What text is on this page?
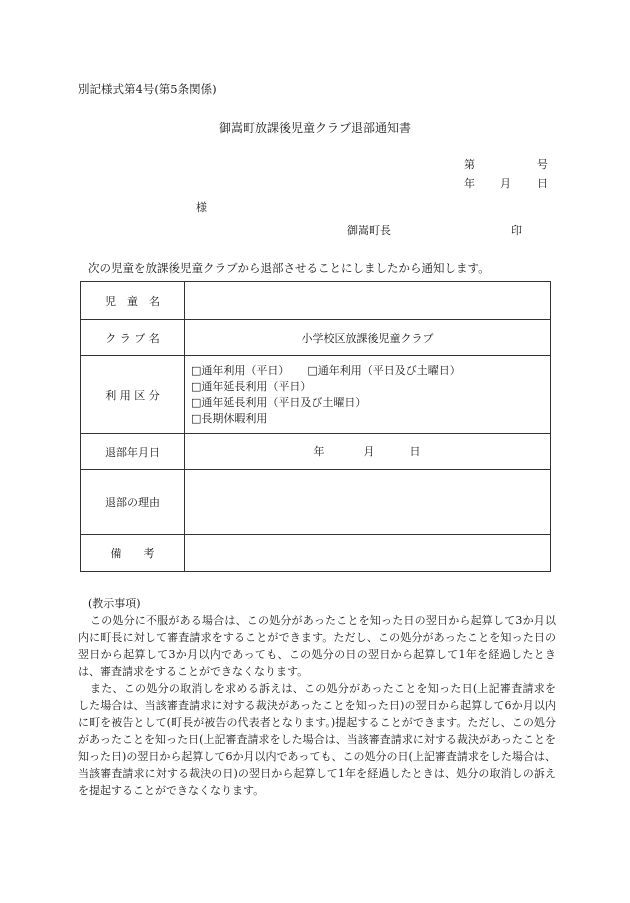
別記様式第4号(第5条関係)
御嵩町放課後児童クラブ退部通知書
第	号
年 月 日
様
御嵩町長	印
次の児童を放課後児童クラブから退部させることにしましたから通知します。
児　童　名	
ク ラ ブ 名	小学校区放課後児童クラブ
利 用 区 分	□通年利用（平日） □通年利用（平日及び土曜日）
□通年延長利用（平日）
□通年延長利用（平日及び土曜日）
□長期休暇利用

退部年月日	年 月 日

退部の理由	
備　　考	
(教示事項)

この処分に不服がある場合は、この処分があったことを知った日の翌日から起算して3か月以内に町長に対して審査請求をすることができます。ただし、この処分があったことを知った日の翌日から起算して3か月以内であっても、この処分の日の翌日から起算して1年を経過したときは、審査請求をすることができなくなります。

また、この処分の取消しを求める訴えは、この処分があったことを知った日(上記審査請求をした場合は、当該審査請求に対する裁決があったことを知った日)の翌日から起算して6か月以内に町を被告として(町長が被告の代表者となります。)提起することができます。ただし、この処分があったことを知った日(上記審査請求をした場合は、当該審査請求に対する裁決があったことを知った日)の翌日から起算して6か月以内であっても、この処分の日(上記審査請求をした場合は、当該審査請求に対する裁決の日)の翌日から起算して1年を経過したときは、処分の取消しの訴えを提起することができなくなります。
